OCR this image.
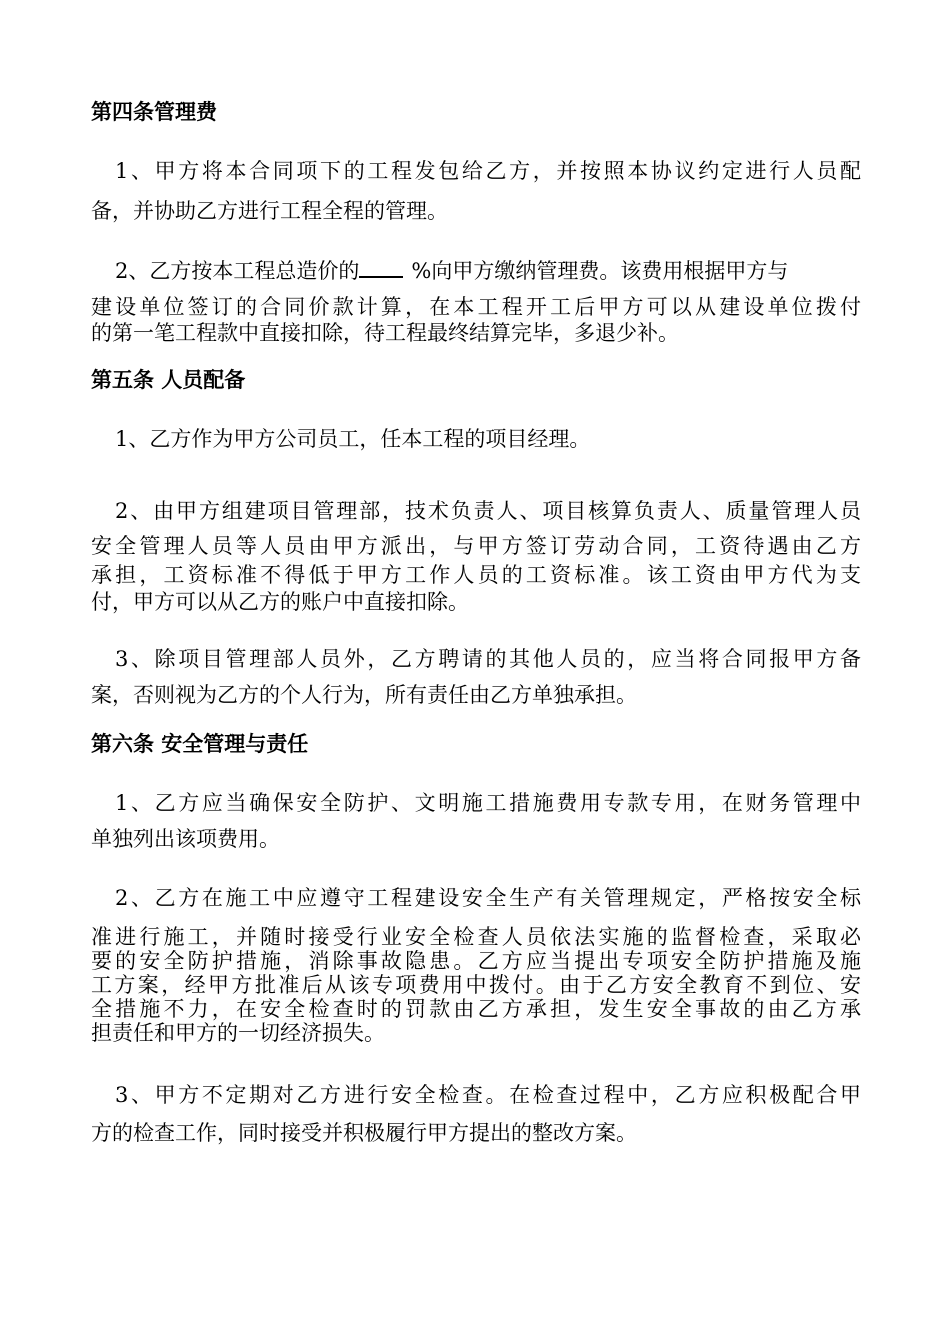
第四条管理费
1、甲方将本合同项下的工程发包给乙方，并按照本协议约定进行人员配
备，并协助乙方进行工程全程的管理。
2、乙方按本工程总造价的 %向甲方缴纳管理费。该费用根据甲方与
建设单位签订的合同价款计算，在本工程开工后甲方可以从建设单位拨付
的第一笔工程款中直接扣除，待工程最终结算完毕，多退少补。
第五条 人员配备
1、乙方作为甲方公司员工，任本工程的项目经理。
2、由甲方组建项目管理部，技术负责人、项目核算负责人、质量管理人员
安全管理人员等人员由甲方派出，与甲方签订劳动合同，工资待遇由乙方
承担，工资标准不得低于甲方工作人员的工资标准。该工资由甲方代为支
付，甲方可以从乙方的账户中直接扣除。
3、除项目管理部人员外，乙方聘请的其他人员的，应当将合同报甲方备
案，否则视为乙方的个人行为，所有责任由乙方单独承担。
第六条 安全管理与责任
1、乙方应当确保安全防护、文明施工措施费用专款专用，在财务管理中
单独列出该项费用。
2、乙方在施工中应遵守工程建设安全生产有关管理规定，严格按安全标
准进行施工，并随时接受行业安全检查人员依法实施的监督检查，采取必
要的安全防护措施，消除事故隐患。乙方应当提出专项安全防护措施及施
工方案，经甲方批准后从该专项费用中拨付。由于乙方安全教育不到位、安
全措施不力，在安全检查时的罚款由乙方承担，发生安全事故的由乙方承
担责任和甲方的一切经济损失。
3、甲方不定期对乙方进行安全检查。在检查过程中，乙方应积极配合甲
方的检查工作，同时接受并积极履行甲方提出的整改方案。
